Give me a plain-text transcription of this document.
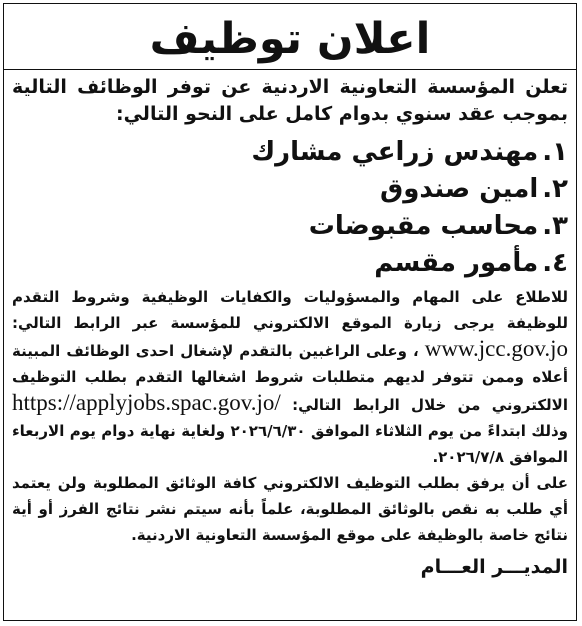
اعلان توظيف

تعلن المؤسسة التعاونية الاردنية عن توفر الوظائف التالية بموجب عقد سنوي بدوام كامل على النحو التالي:

١.
مهندس زراعي مشارك
٢.
امين صندوق
٣.
محاسب مقبوضات
٤.
مأمور مقسم

للاطلاع على المهام والمسؤوليات والكفايات الوظيفية وشروط التقدم للوظيفة يرجى زيارة الموقع الالكتروني للمؤسسة عبر الرابط التالي: www.jcc.gov.jo ، وعلى الراغبين بالتقدم لإشغال احدى الوظائف المبينة أعلاه وممن تتوفر لديهم متطلبات شروط اشغالها التقدم بطلب التوظيف الالكتروني من خلال الرابط التالي: https://applyjobs.spac.gov.jo/ وذلك ابتداءً من يوم الثلاثاء الموافق ٢٠٢٦/٦/٣٠ ولغاية نهاية دوام يوم الاربعاء الموافق ٢٠٢٦/٧/٨.

على أن يرفق بطلب التوظيف الالكتروني كافة الوثائق المطلوبة ولن يعتمد أي طلب به نقص بالوثائق المطلوبة، علماً بأنه سيتم نشر نتائج الفرز أو أية نتائج خاصة بالوظيفة على موقع المؤسسة التعاونية الاردنية.

المديـــر العـــام
